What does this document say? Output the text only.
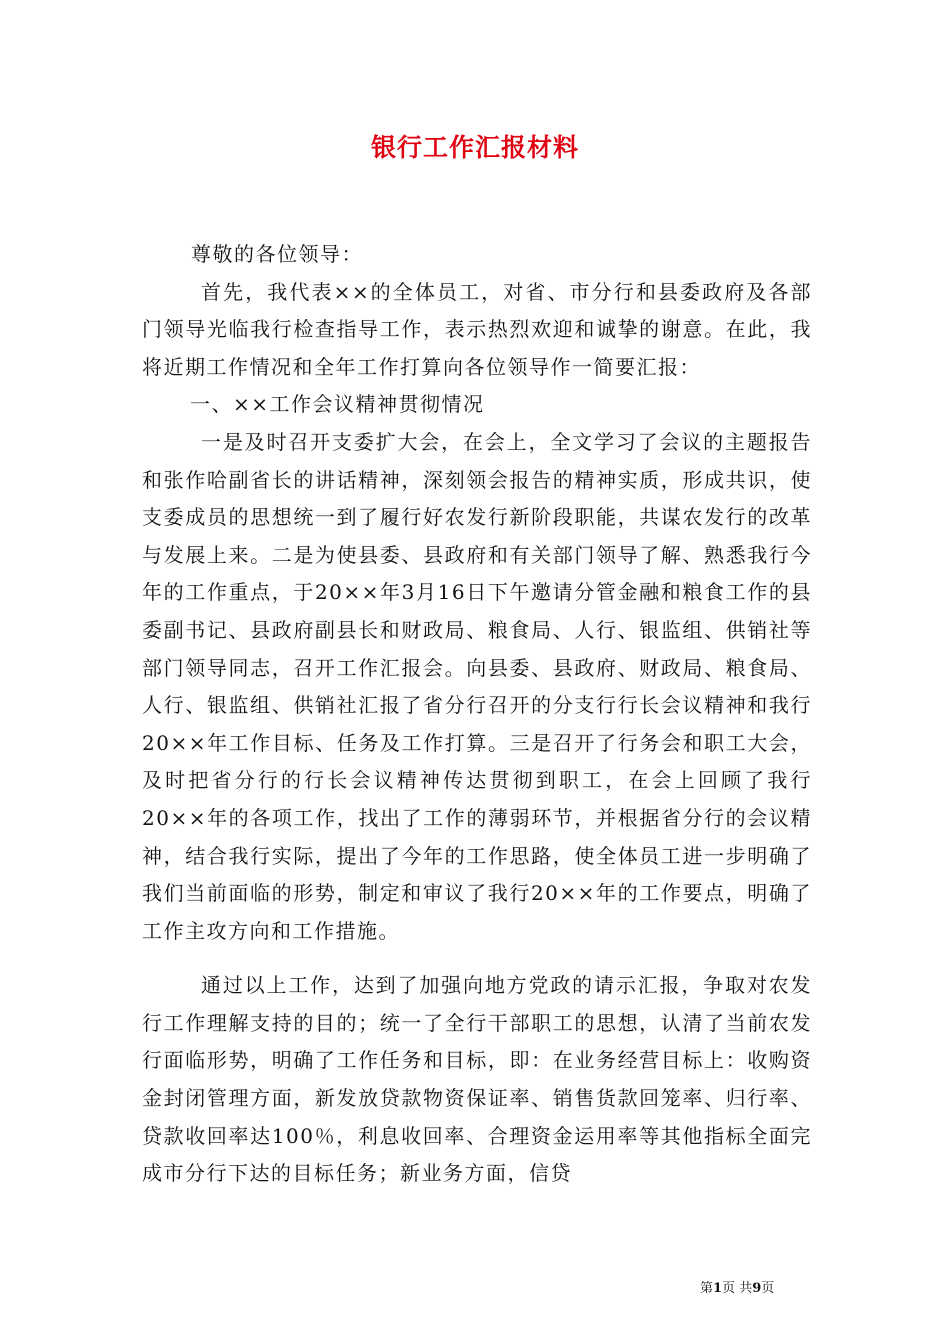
银行工作汇报材料

尊敬的各位领导：

首先，我代表××的全体员工，对省、市分行和县委政府及各部门领导光临我行检查指导工作，表示热烈欢迎和诚挚的谢意。在此，我将近期工作情况和全年工作打算向各位领导作一简要汇报：

一、××工作会议精神贯彻情况

一是及时召开支委扩大会，在会上，全文学习了会议的主题报告和张作哈副省长的讲话精神，深刻领会报告的精神实质，形成共识，使支委成员的思想统一到了履行好农发行新阶段职能，共谋农发行的改革与发展上来。二是为使县委、县政府和有关部门领导了解、熟悉我行今年的工作重点，于20××年3月16日下午邀请分管金融和粮食工作的县委副书记、县政府副县长和财政局、粮食局、人行、银监组、供销社等部门领导同志，召开工作汇报会。向县委、县政府、财政局、粮食局、人行、银监组、供销社汇报了省分行召开的分支行行长会议精神和我行20××年工作目标、任务及工作打算。三是召开了行务会和职工大会，及时把省分行的行长会议精神传达贯彻到职工，在会上回顾了我行20××年的各项工作，找出了工作的薄弱环节，并根据省分行的会议精神，结合我行实际，提出了今年的工作思路，使全体员工进一步明确了我们当前面临的形势，制定和审议了我行20××年的工作要点，明确了工作主攻方向和工作措施。

通过以上工作，达到了加强向地方党政的请示汇报，争取对农发行工作理解支持的目的；统一了全行干部职工的思想，认清了当前农发行面临形势，明确了工作任务和目标，即：在业务经营目标上：收购资金封闭管理方面，新发放贷款物资保证率、销售货款回笼率、归行率、贷款收回率达100％，利息收回率、合理资金运用率等其他指标全面完成市分行下达的目标任务；新业务方面，信贷

第1页 共9页
